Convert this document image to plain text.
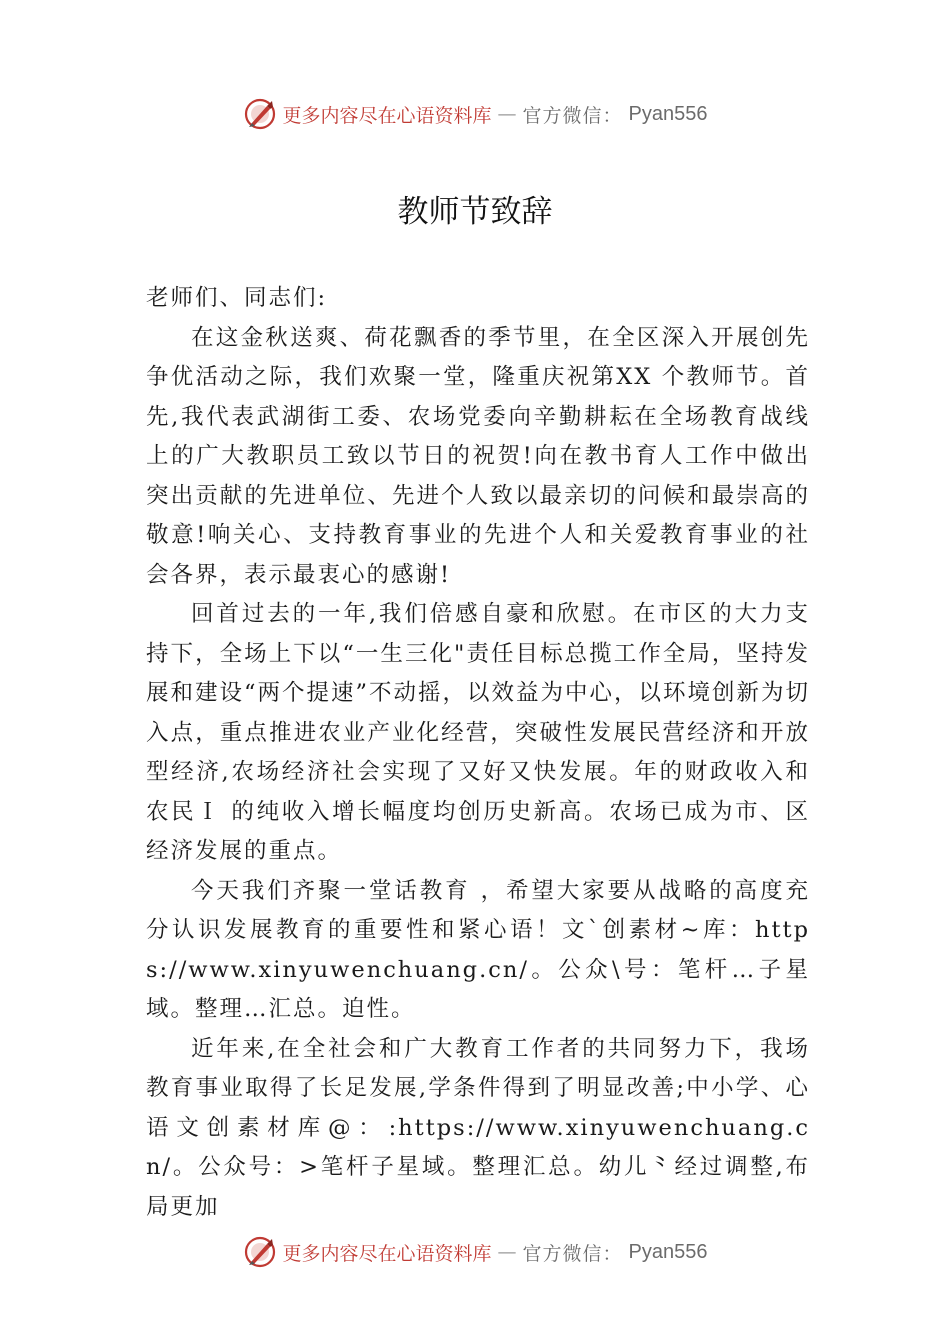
更多内容尽在心语资料库 — 官方微信： Pyan556
教师节致辞

老师们、同志们:

在这金秋送爽、荷花飘香的季节里，在全区深入开展创先争优活动之际，我们欢聚一堂，隆重庆祝第XX 个教师节。首先,我代表武湖街工委、农场党委向辛勤耕耘在全场教育战线上的广大教职员工致以节日的祝贺!向在教书育人工作中做出突出贡献的先进单位、先进个人致以最亲切的问候和最崇高的敬意!响关心、支持教育事业的先进个人和关爱教育事业的社会各界，表示最衷心的感谢!

回首过去的一年,我们倍感自豪和欣慰。在市区的大力支持下，全场上下以“一生三化"责任目标总揽工作全局，坚持发展和建设“两个提速”不动摇，以效益为中心，以环境创新为切入点，重点推进农业产业化经营，突破性发展民营经济和开放型经济,农场经济社会实现了又好又快发展。年的财政收入和农民Ｉ 的纯收入增长幅度均创历史新高。农场已成为市、区经济发展的重点。

今天我们齐聚一堂话教育 ，希望大家要从战略的高度充分认识发展教育的重要性和紧心语！文`创素材~库：https://www.xinyuwenchuang.cn/。公众\号：笔杆…子星域。整理…汇总。迫性。

近年来,在全社会和广大教育工作者的共同努力下，我场教育事业取得了长足发展,学条件得到了明显改善;中小学、心语文创素材库@：:https://www.xinyuwenchuang.cn/。公众号：>笔杆子星域。整理汇总。幼儿⺀经过调整,布局更加

更多内容尽在心语资料库 — 官方微信： Pyan556
